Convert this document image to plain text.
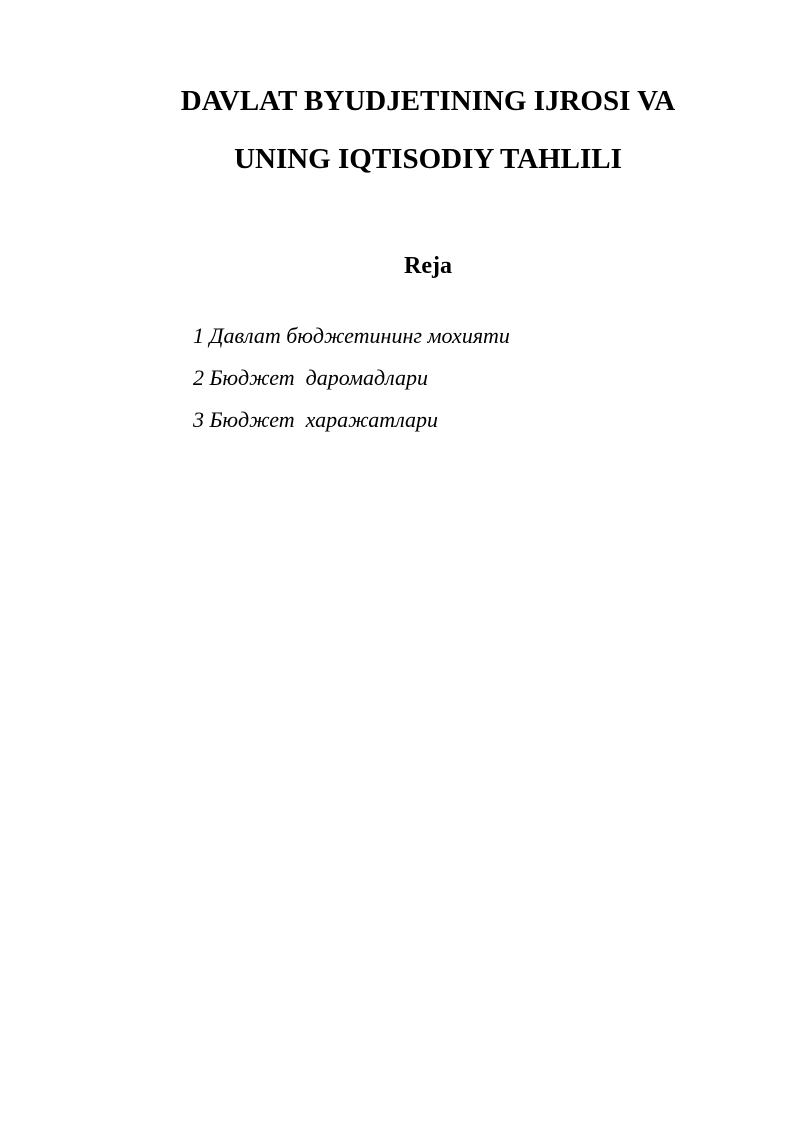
DAVLAT BYUDJETINING IJROSI VA
UNING IQTISODIY TAHLILI
Reja
1 Давлат бюджетининг мохияти
2 Бюджет  даромадлари
3 Бюджет  харажатлари
